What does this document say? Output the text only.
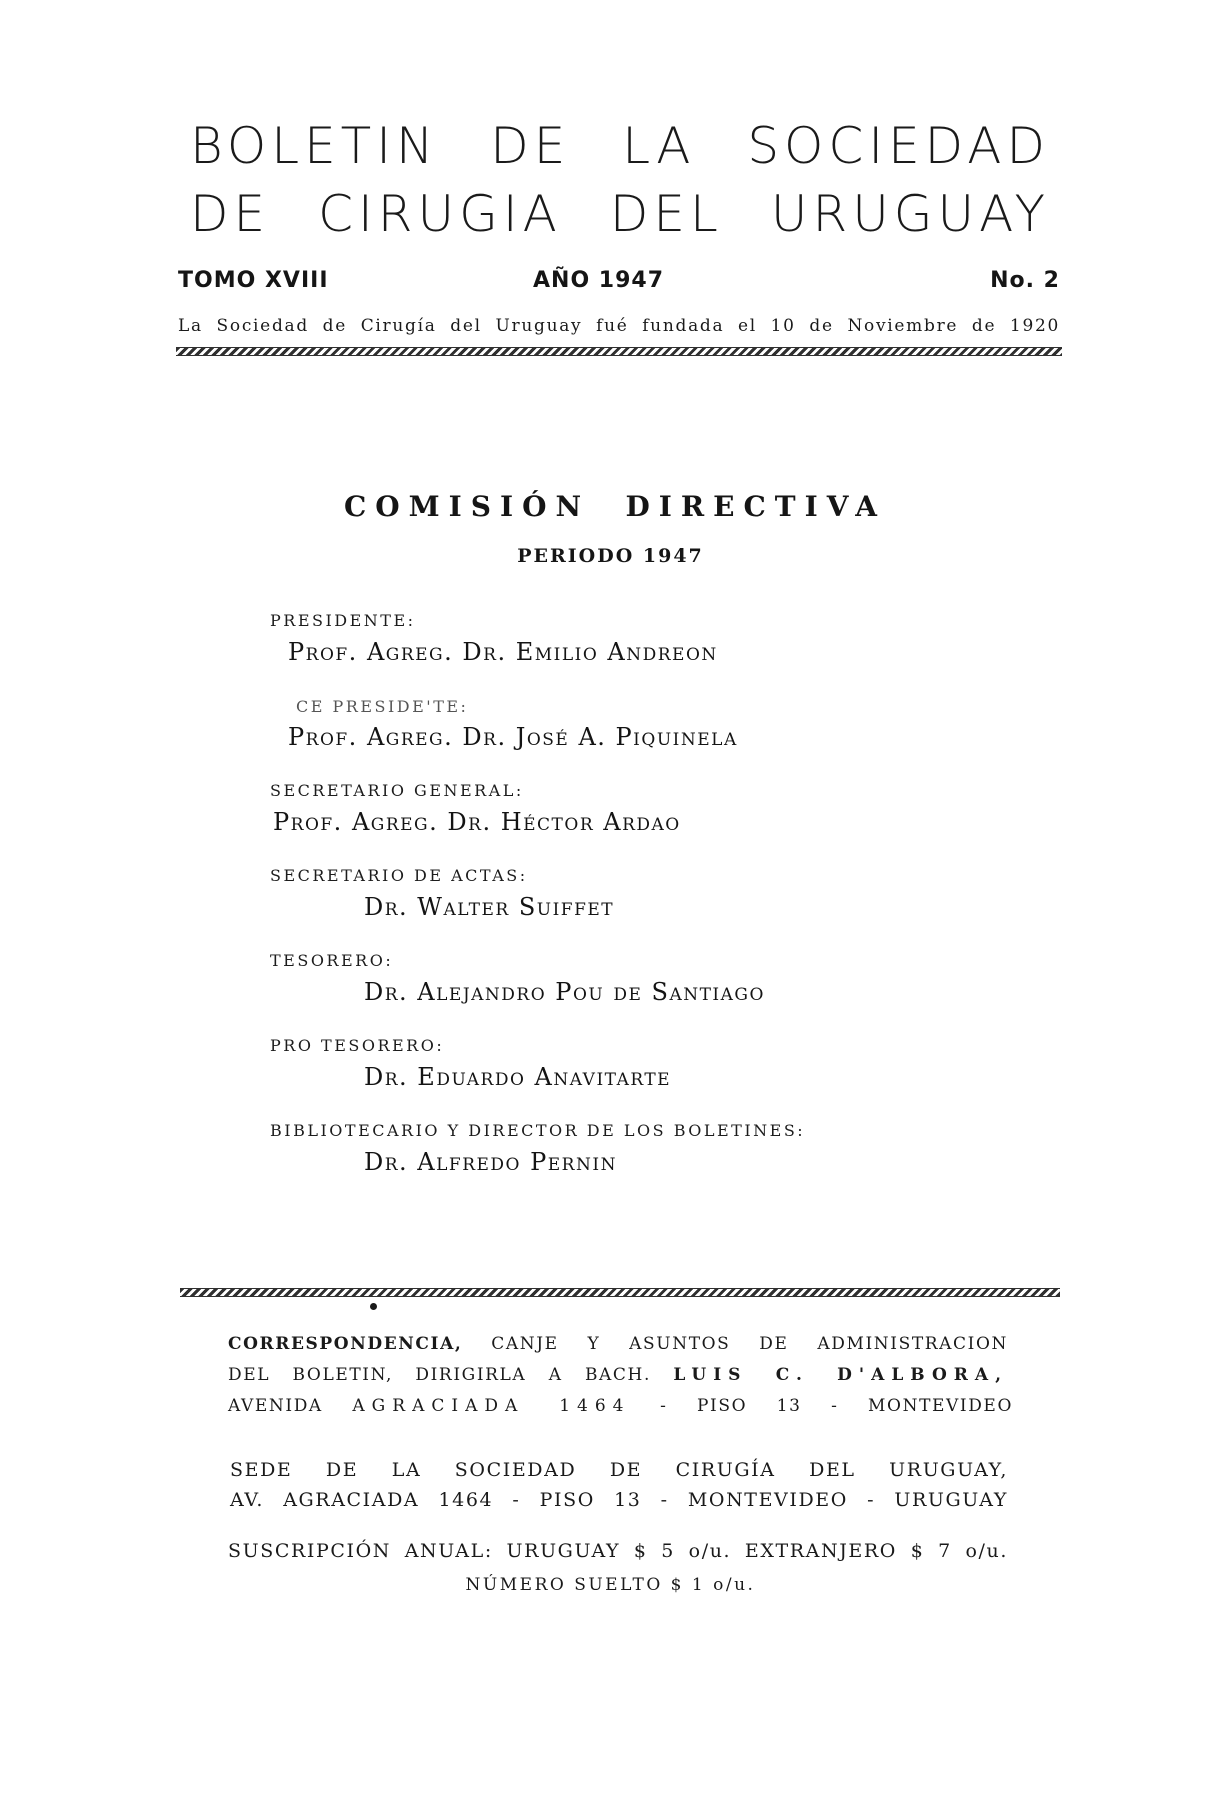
BOLETIN DE LA SOCIEDAD
DE CIRUGIA DEL URUGUAY
TOMO XVIII	AÑO 1947	No. 2
La Sociedad de Cirugía del Uruguay fué fundada el 10 de Noviembre de 1920
COMISIÓN DIRECTIVA
PERIODO 1947
PRESIDENTE:
Prof. Agreg. Dr. Emilio Andreon
CE PRESIDE'TE:
Prof. Agreg. Dr. José A. Piquinela
SECRETARIO GENERAL:
Prof. Agreg. Dr. Héctor Ardao
SECRETARIO DE ACTAS:
Dr. Walter Suiffet
TESORERO:
Dr. Alejandro Pou de Santiago
PRO TESORERO:
Dr. Eduardo Anavitarte
BIBLIOTECARIO Y DIRECTOR DE LOS BOLETINES:
Dr. Alfredo Pernin
CORRESPONDENCIA, CANJE Y ASUNTOS DE ADMINISTRACION
DEL BOLETIN, DIRIGIRLA A BACH. LUIS C. D'ALBORA,
AVENIDA AGRACIADA 1464 - PISO 13 - MONTEVIDEO
SEDE DE LA SOCIEDAD DE CIRUGÍA DEL URUGUAY,
AV. AGRACIADA 1464 - PISO 13 - MONTEVIDEO - URUGUAY
SUSCRIPCIÓN ANUAL: URUGUAY $ 5 o/u. EXTRANJERO $ 7 o/u.
NÚMERO SUELTO $ 1 o/u.
